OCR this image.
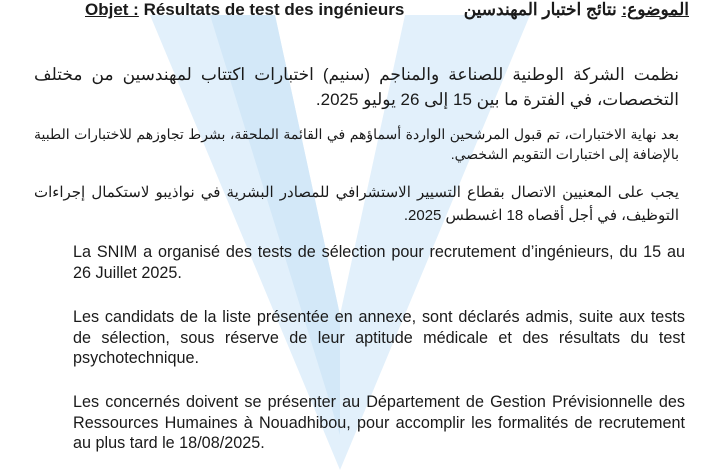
Objet : Résultats de test des ingénieurs	الموضوع: نتائج اختبار المهندسين

نظمت الشركة الوطنية للصناعة والمناجم (سنيم) اختبارات اكتتاب لمهندسين من مختلف التخصصات، في الفترة ما بين 15 إلى 26 يوليو 2025.

بعد نهاية الاختبارات، تم قبول المرشحين الواردة أسماؤهم في القائمة الملحقة، بشرط تجاوزهم للاختبارات الطبية بالإضافة إلى اختبارات التقويم الشخصي.

يجب على المعنيين الاتصال بقطاع التسيير الاستشرافي للمصادر البشرية في نواذيبو لاستكمال إجراءات التوظيف، في أجل أقصاه 18 اغسطس 2025.

La SNIM a organisé des tests de sélection pour recrutement d’ingénieurs, du 15 au 26 Juillet 2025.

Les candidats de la liste présentée en annexe, sont déclarés admis, suite aux tests de sélection, sous réserve de leur aptitude médicale et des résultats du test psychotechnique.

Les concernés doivent se présenter au Département de Gestion Prévisionnelle des Ressources Humaines à Nouadhibou, pour accomplir les formalités de recrutement au plus tard le 18/08/2025.
